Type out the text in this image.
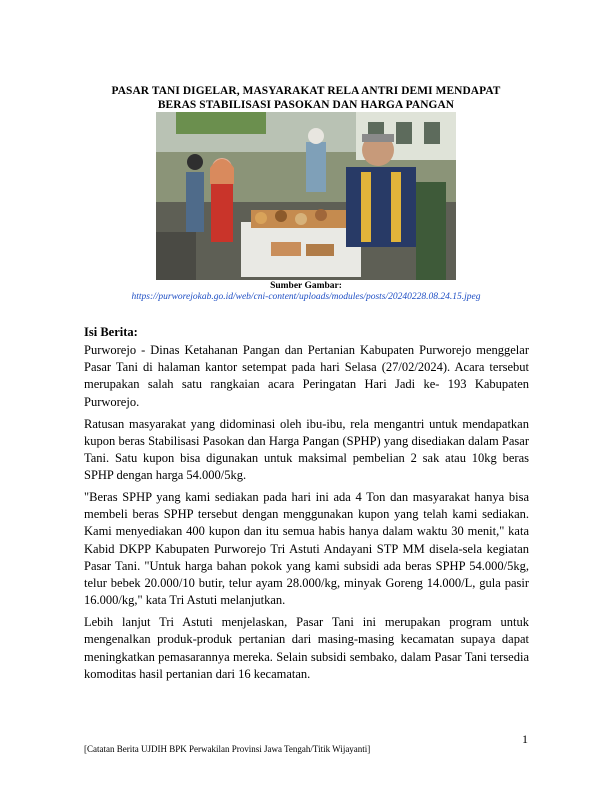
PASAR TANI DIGELAR, MASYARAKAT RELA ANTRI DEMI MENDAPAT
BERAS STABILISASI PASOKAN DAN HARGA PANGAN
Sumber Gambar:
https://purworejokab.go.id/web/cni-content/uploads/modules/posts/20240228.08.24.15.jpeg
Isi Berita:

Purworejo - Dinas Ketahanan Pangan dan Pertanian Kabupaten Purworejo menggelar Pasar Tani di halaman kantor setempat pada hari Selasa (27/02/2024). Acara tersebut merupakan salah satu rangkaian acara Peringatan Hari Jadi ke- 193 Kabupaten Purworejo.

Ratusan masyarakat yang didominasi oleh ibu-ibu, rela mengantri untuk mendapatkan kupon beras Stabilisasi Pasokan dan Harga Pangan (SPHP) yang disediakan dalam Pasar Tani. Satu kupon bisa digunakan untuk maksimal pembelian 2 sak atau 10kg beras SPHP dengan harga 54.000/5kg.

"Beras SPHP yang kami sediakan pada hari ini ada 4 Ton dan masyarakat hanya bisa membeli beras SPHP tersebut dengan menggunakan kupon yang telah kami sediakan. Kami menyediakan 400 kupon dan itu semua habis hanya dalam waktu 30 menit," kata Kabid DKPP Kabupaten Purworejo Tri Astuti Andayani STP MM disela-sela kegiatan Pasar Tani. "Untuk harga bahan pokok yang kami subsidi ada beras SPHP 54.000/5kg, telur bebek 20.000/10 butir, telur ayam 28.000/kg, minyak Goreng 14.000/L, gula pasir 16.000/kg," kata Tri Astuti melanjutkan.

Lebih lanjut Tri Astuti menjelaskan, Pasar Tani ini merupakan program untuk mengenalkan produk-produk pertanian dari masing-masing kecamatan supaya dapat meningkatkan pemasarannya mereka. Selain subsidi sembako, dalam Pasar Tani tersedia komoditas hasil pertanian dari 16 kecamatan.

[Catatan Berita UJDIH BPK Perwakilan Provinsi Jawa Tengah/Titik Wijayanti]
1
